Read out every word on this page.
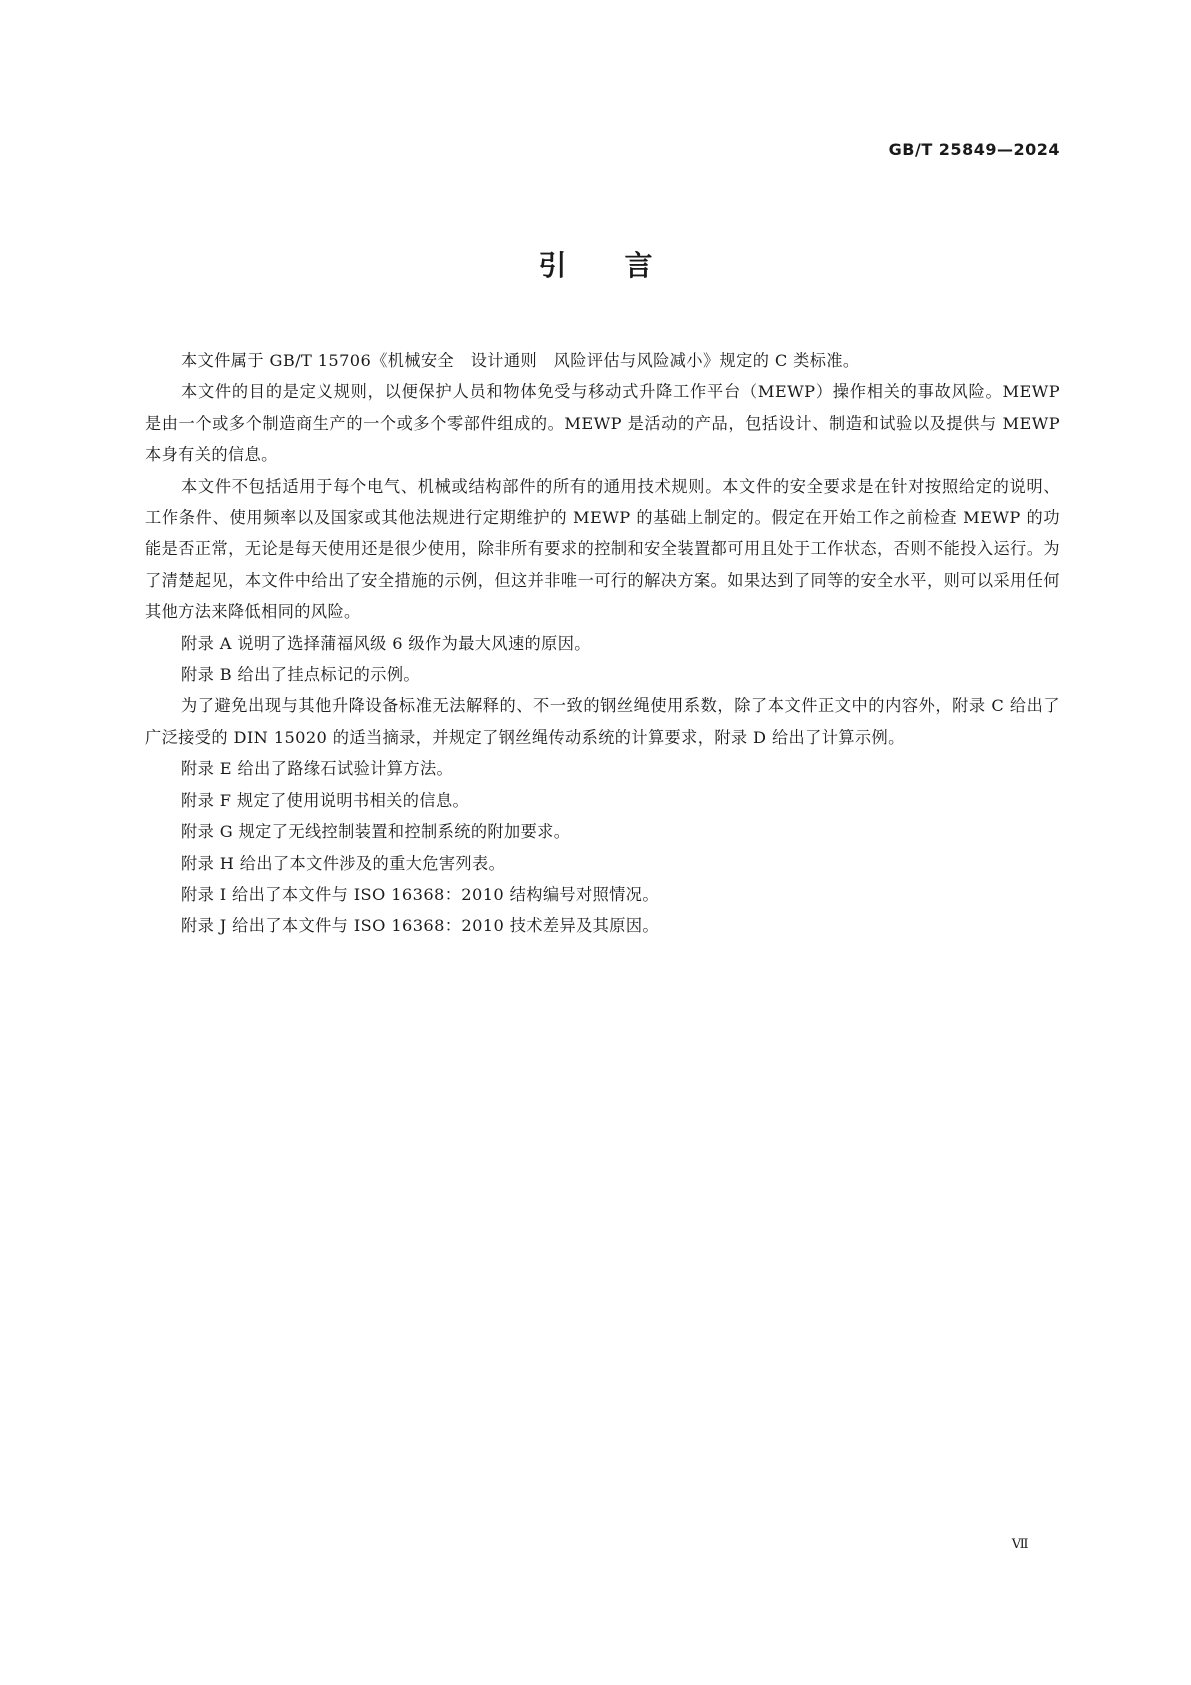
GB/T 25849—2024
引言

本文件属于 GB/T 15706《机械安全　设计通则　风险评估与风险减小》规定的 C 类标准。

本文件的目的是定义规则，以便保护人员和物体免受与移动式升降工作平台（MEWP）操作相关的事故风险。MEWP 是由一个或多个制造商生产的一个或多个零部件组成的。MEWP 是活动的产品，包括设计、制造和试验以及提供与 MEWP 本身有关的信息。

本文件不包括适用于每个电气、机械或结构部件的所有的通用技术规则。本文件的安全要求是在针对按照给定的说明、工作条件、使用频率以及国家或其他法规进行定期维护的 MEWP 的基础上制定的。假定在开始工作之前检查 MEWP 的功能是否正常，无论是每天使用还是很少使用，除非所有要求的控制和安全装置都可用且处于工作状态，否则不能投入运行。为了清楚起见，本文件中给出了安全措施的示例，但这并非唯一可行的解决方案。如果达到了同等的安全水平，则可以采用任何其他方法来降低相同的风险。

附录 A 说明了选择蒲福风级 6 级作为最大风速的原因。

附录 B 给出了挂点标记的示例。

为了避免出现与其他升降设备标准无法解释的、不一致的钢丝绳使用系数，除了本文件正文中的内容外，附录 C 给出了广泛接受的 DIN 15020 的适当摘录，并规定了钢丝绳传动系统的计算要求，附录 D 给出了计算示例。

附录 E 给出了路缘石试验计算方法。

附录 F 规定了使用说明书相关的信息。

附录 G 规定了无线控制装置和控制系统的附加要求。

附录 H 给出了本文件涉及的重大危害列表。

附录 I 给出了本文件与 ISO 16368：2010 结构编号对照情况。

附录 J 给出了本文件与 ISO 16368：2010 技术差异及其原因。

Ⅶ
